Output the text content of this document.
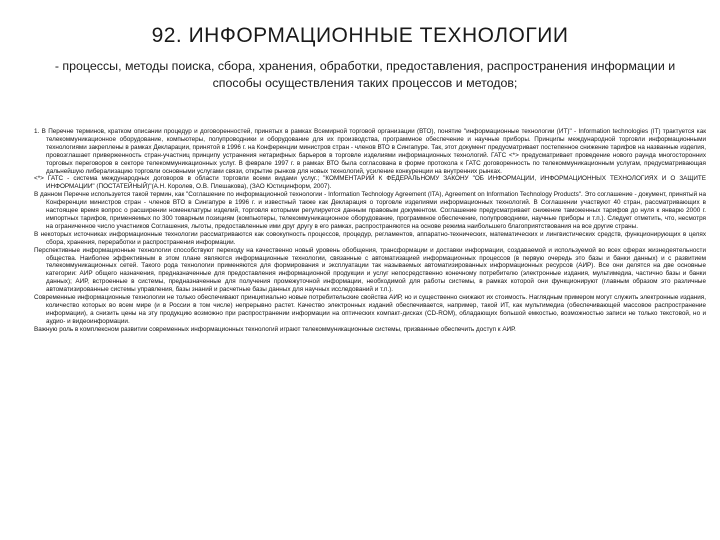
92. ИНФОРМАЦИОННЫЕ ТЕХНОЛОГИИ
- процессы, методы поиска, сбора, хранения, обработки, предоставления, распространения информации и способы осуществления таких процессов и методов;

1. В Перечне терминов, кратком описании процедур и договоренностей, принятых в рамках Всемирной торговой организации (ВТО), понятие "информационные технологии (ИТ)" - Information technologies (IT) трактуется как телекоммуникационное оборудование, компьютеры, полупроводники и оборудование для их производства, программное обеспечение и научные приборы. Принципы международной торговли информационными технологиями закреплены в рамках Декларации, принятой в 1996 г. на Конференции министров стран - членов ВТО в Сингапуре. Так, этот документ предусматривает постепенное снижение тарифов на названные изделия, провозглашает приверженность стран-участниц принципу устранения нетарифных барьеров в торговле изделиями информационных технологий. ГАТС <*> предусматривает проведение нового раунда многосторонних торговых переговоров в секторе телекоммуникационных услуг. В феврале 1997 г. в рамках ВТО была согласована в форме протокола к ГАТС договоренность по телекоммуникационным услугам, предусматривающая дальнейшую либерализацию торговли основными услугами связи, открытие рынков для новых технологий, усиление конкуренции на внутренних рынках.

<*> ГАТС - система международных договоров в области торговли всеми видами услуг.; "КОММЕНТАРИЙ К ФЕДЕРАЛЬНОМУ ЗАКОНУ "ОБ ИНФОРМАЦИИ, ИНФОРМАЦИОННЫХ ТЕХНОЛОГИЯХ И О ЗАЩИТЕ ИНФОРМАЦИИ" (ПОСТАТЕЙНЫЙ)"(А.Н. Королев, О.В. Плешакова), (ЗАО Юстицинформ, 2007).

В данном Перечне используется такой термин, как "Соглашение по информационной технологии - Information Technology Agreement (ITA), Agreement on Information Technology Products". Это соглашение - документ, принятый на Конференции министров стран - членов ВТО в Сингапуре в 1996 г. и известный также как Декларация о торговле изделиями информационных технологий. В Соглашении участвуют 40 стран, рассматривающих в настоящее время вопрос о расширении номенклатуры изделий, торговля которыми регулируется данным правовым документом. Соглашение предусматривает снижение таможенных тарифов до нуля к январю 2000 г. импортных тарифов, применяемых по 300 товарным позициям (компьютеры, телекоммуникационное оборудование, программное обеспечение, полупроводники, научные приборы и т.п.). Следует отметить, что, несмотря на ограниченное число участников Соглашения, льготы, предоставленные ими друг другу в его рамках, распространяются на основе режима наибольшего благоприятствования на все другие страны.

В некоторых источниках информационные технологии рассматриваются как совокупность процессов, процедур, регламентов, аппаратно-технических, математических и лингвистических средств, функционирующих в целях сбора, хранения, переработки и распространения информации.

Перспективные информационные технологии способствуют переходу на качественно новый уровень обобщения, трансформации и доставки информации, создаваемой и используемой во всех сферах жизнедеятельности общества. Наиболее эффективным в этом плане являются информационные технологии, связанные с автоматизацией информационных процессов (в первую очередь это базы и банки данных) и с развитием телекоммуникационных сетей. Такого рода технологии применяются для формирования и эксплуатации так называемых автоматизированных информационных ресурсов (АИР). Все они делятся на две основные категории: АИР общего назначения, предназначенные для предоставления информационной продукции и услуг непосредственно конечному потребителю (электронные издания, мультимедиа, частично базы и банки данных); АИР, встроенные в системы, предназначенные для получения промежуточной информации, необходимой для работы системы, в рамках которой они функционируют (главным образом это различные автоматизированные системы управления, базы знаний и расчетные базы данных для научных исследований и т.п.).

Современные информационные технологии не только обеспечивают принципиально новые потребительские свойства АИР, но и существенно снижают их стоимость. Наглядным примером могут служить электронные издания, количество которых во всем мире (и в России в том числе) непрерывно растет. Качество электронных изданий обеспечивается, например, такой ИТ, как мультимедиа (обеспечивающей массовое распространение информации), а снизить цены на эту продукцию возможно при распространении информации на оптических компакт-дисках (CD-ROM), обладающих большой емкостью, возможностью записи не только текстовой, но и аудио- и видеоинформации.

Важную роль в комплексном развитии современных информационных технологий играют телекоммуникационные системы, призванные обеспечить доступ к АИР.
